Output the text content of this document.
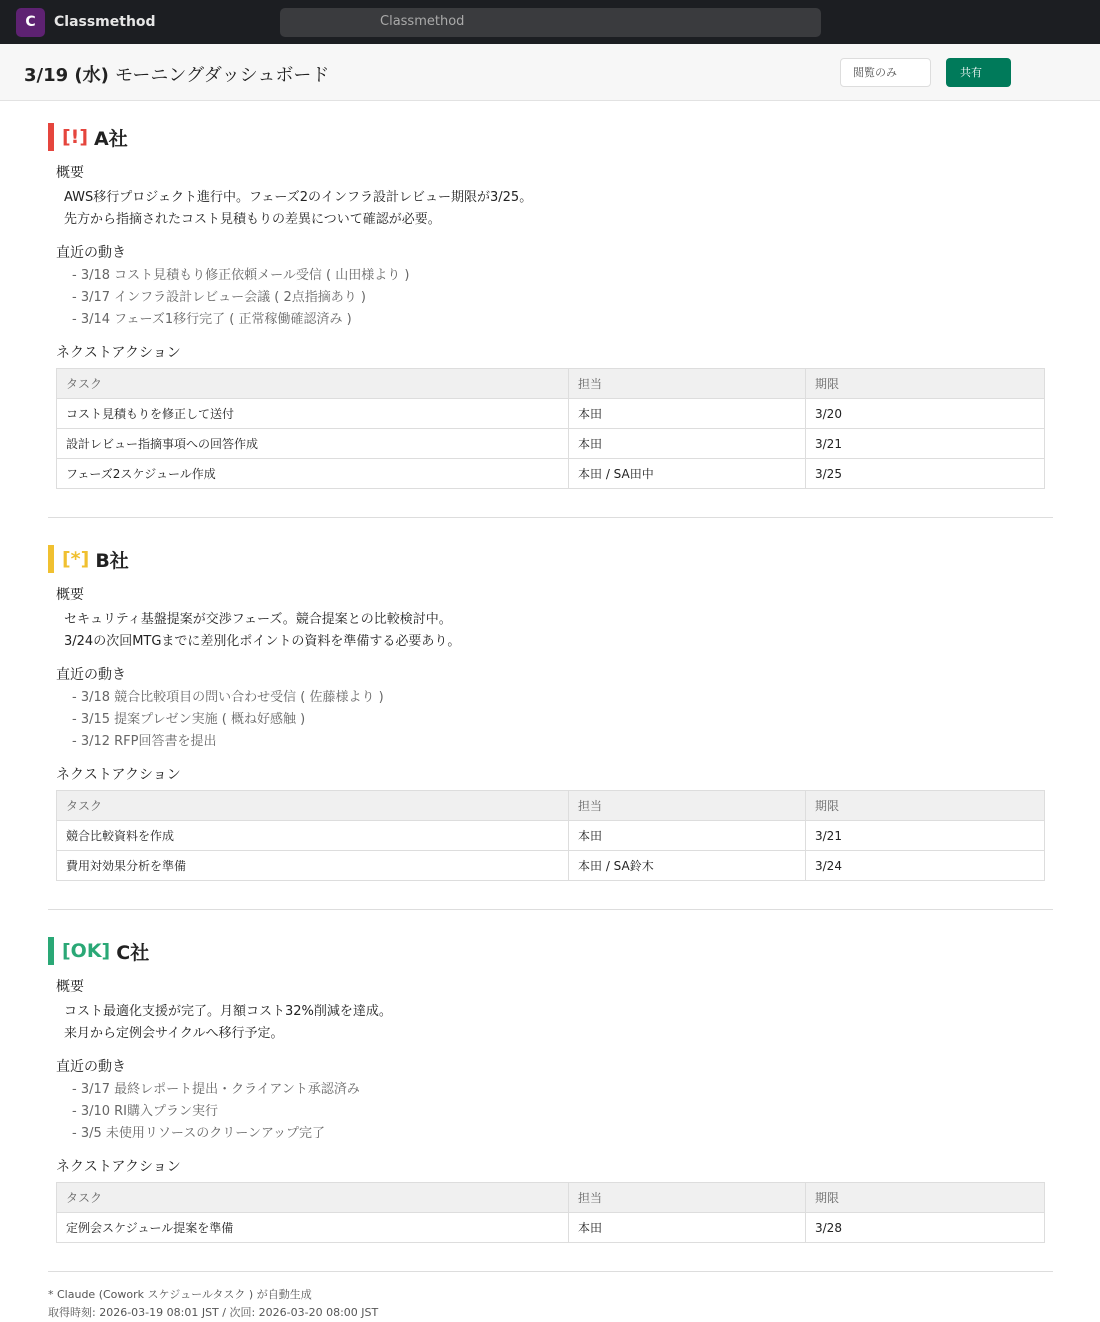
C	Classmethod	Classmethod
3/19 (水) モーニングダッシュボード	閲覧のみ	共有
[!] A社
概要
AWS移行プロジェクト進行中。フェーズ2のインフラ設計レビュー期限が3/25。
先方から指摘されたコスト見積もりの差異について確認が必要。
直近の動き
- 3/18 コスト見積もり修正依頼メール受信 ( 山田様より )
- 3/17 インフラ設計レビュー会議 ( 2点指摘あり )
- 3/14 フェーズ1移行完了 ( 正常稼働確認済み )
ネクストアクション
タスク	担当	期限
コスト見積もりを修正して送付	本田	3/20
設計レビュー指摘事項への回答作成	本田	3/21
フェーズ2スケジュール作成	本田 / SA田中	3/25
[*] B社
概要
セキュリティ基盤提案が交渉フェーズ。競合提案との比較検討中。
3/24の次回MTGまでに差別化ポイントの資料を準備する必要あり。
直近の動き
- 3/18 競合比較項目の問い合わせ受信 ( 佐藤様より )
- 3/15 提案プレゼン実施 ( 概ね好感触 )
- 3/12 RFP回答書を提出
ネクストアクション
タスク	担当	期限
競合比較資料を作成	本田	3/21
費用対効果分析を準備	本田 / SA鈴木	3/24
[OK] C社
概要
コスト最適化支援が完了。月額コスト32%削減を達成。
来月から定例会サイクルへ移行予定。
直近の動き
- 3/17 最終レポート提出・クライアント承認済み
- 3/10 RI購入プラン実行
- 3/5 未使用リソースのクリーンアップ完了
ネクストアクション
タスク	担当	期限
定例会スケジュール提案を準備	本田	3/28
* Claude (Cowork スケジュールタスク ) が自動生成
取得時刻: 2026-03-19 08:01 JST / 次回: 2026-03-20 08:00 JST
